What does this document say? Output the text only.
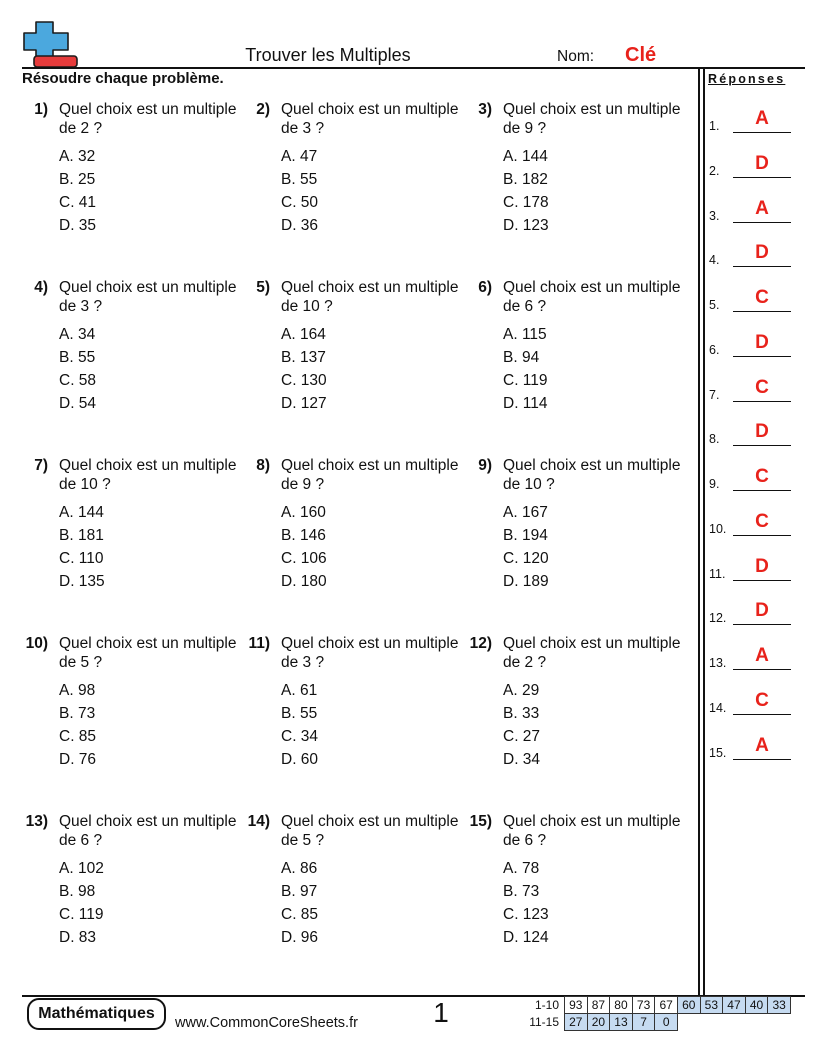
Trouver les Multiples	Nom: Clé
Résoudre chaque problème.	Réponses
1) Quel choix est un multiple de 2 ?
A. 32
B. 25
C. 41
D. 35
2) Quel choix est un multiple de 3 ?
A. 47
B. 55
C. 50
D. 36
3) Quel choix est un multiple de 9 ?
A. 144
B. 182
C. 178
D. 123
4) Quel choix est un multiple de 3 ?
A. 34
B. 55
C. 58
D. 54
5) Quel choix est un multiple de 10 ?
A. 164
B. 137
C. 130
D. 127
6) Quel choix est un multiple de 6 ?
A. 115
B. 94
C. 119
D. 114
7) Quel choix est un multiple de 10 ?
A. 144
B. 181
C. 110
D. 135
8) Quel choix est un multiple de 9 ?
A. 160
B. 146
C. 106
D. 180
9) Quel choix est un multiple de 10 ?
A. 167
B. 194
C. 120
D. 189
10) Quel choix est un multiple de 5 ?
A. 98
B. 73
C. 85
D. 76
11) Quel choix est un multiple de 3 ?
A. 61
B. 55
C. 34
D. 60
12) Quel choix est un multiple de 2 ?
A. 29
B. 33
C. 27
D. 34
13) Quel choix est un multiple de 6 ?
A. 102
B. 98
C. 119
D. 83
14) Quel choix est un multiple de 5 ?
A. 86
B. 97
C. 85
D. 96
15) Quel choix est un multiple de 6 ?
A. 78
B. 73
C. 123
D. 124
1.	A
2.	D
3.	A
4.	D
5.	C
6.	D
7.	C
8.	D
9.	C
10.	C
11.	D
12.	D
13.	A
14.	C
15.	A
Mathématiques
www.CommonCoreSheets.fr	1	1-10	93	87	80	73	67	60	53	47	40	33
11-15	27	20	13	7	0					
